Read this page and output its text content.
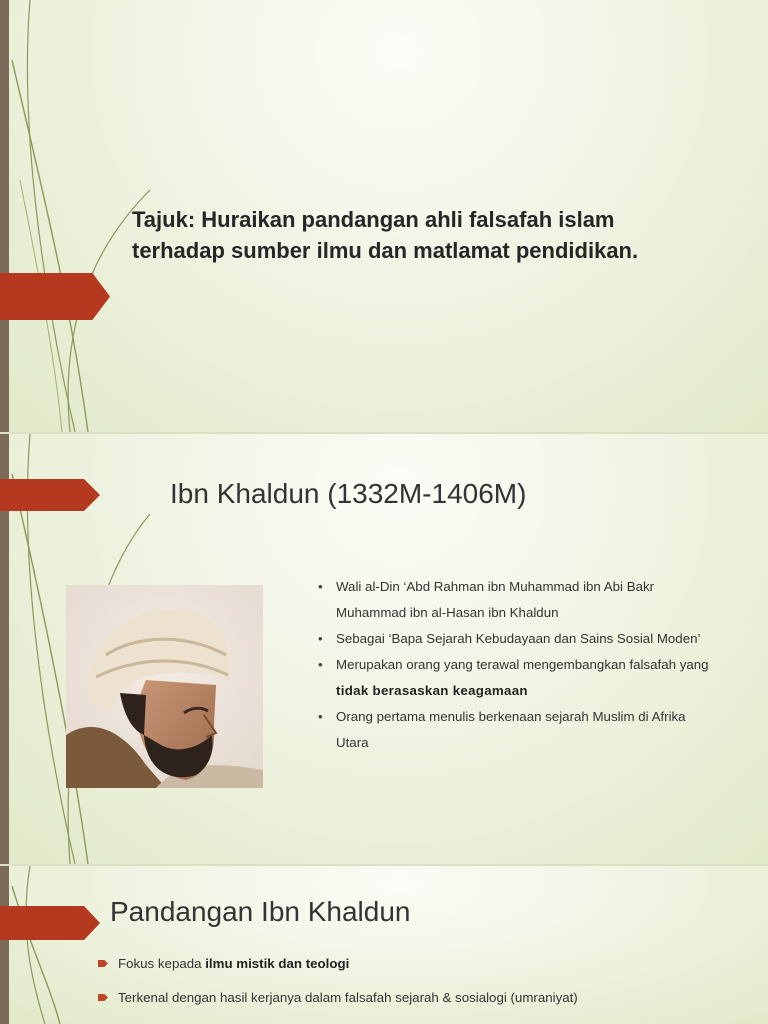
Tajuk: Huraikan pandangan ahli falsafah islam terhadap sumber ilmu dan matlamat pendidikan.
Ibn Khaldun (1332M-1406M)
• Wali al-Din ‘Abd Rahman ibn Muhammad ibn Abi Bakr Muhammad ibn al-Hasan ibn Khaldun
• Sebagai ‘Bapa Sejarah Kebudayaan dan Sains Sosial Moden’
• Merupakan orang yang terawal mengembangkan falsafah yang tidak berasaskan keagamaan
• Orang pertama menulis berkenaan sejarah Muslim di Afrika Utara
Pandangan Ibn Khaldun
Fokus kepada ilmu mistik dan teologi
Terkenal dengan hasil kerjanya dalam falsafah sejarah & sosialogi (umraniyat)
